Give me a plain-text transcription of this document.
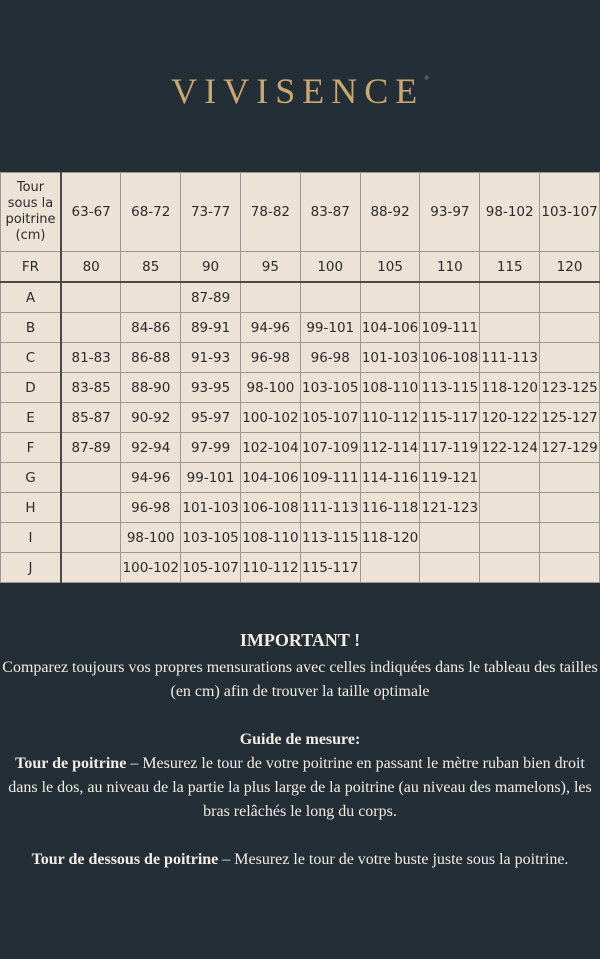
VIVISENCE®
Tour sous la poitrine (cm)	63-67	68-72	73-77	78-82	83-87	88-92	93-97	98-102	103-107
FR	80	85	90	95	100	105	110	115	120
A			87-89						
B		84-86	89-91	94-96	99-101	104-106	109-111		
C	81-83	86-88	91-93	96-98	96-98	101-103	106-108	111-113	
D	83-85	88-90	93-95	98-100	103-105	108-110	113-115	118-120	123-125
E	85-87	90-92	95-97	100-102	105-107	110-112	115-117	120-122	125-127
F	87-89	92-94	97-99	102-104	107-109	112-114	117-119	122-124	127-129
G		94-96	99-101	104-106	109-111	114-116	119-121		
H		96-98	101-103	106-108	111-113	116-118	121-123		
I		98-100	103-105	108-110	113-115	118-120			
J		100-102	105-107	110-112	115-117				

IMPORTANT !

Comparez toujours vos propres mensurations avec celles indiquées dans le tableau des tailles (en cm) afin de trouver la taille optimale

Guide de mesure:

Tour de poitrine – Mesurez le tour de votre poitrine en passant le mètre ruban bien droit dans le dos, au niveau de la partie la plus large de la poitrine (au niveau des mamelons), les bras relâchés le long du corps.

Tour de dessous de poitrine – Mesurez le tour de votre buste juste sous la poitrine.
